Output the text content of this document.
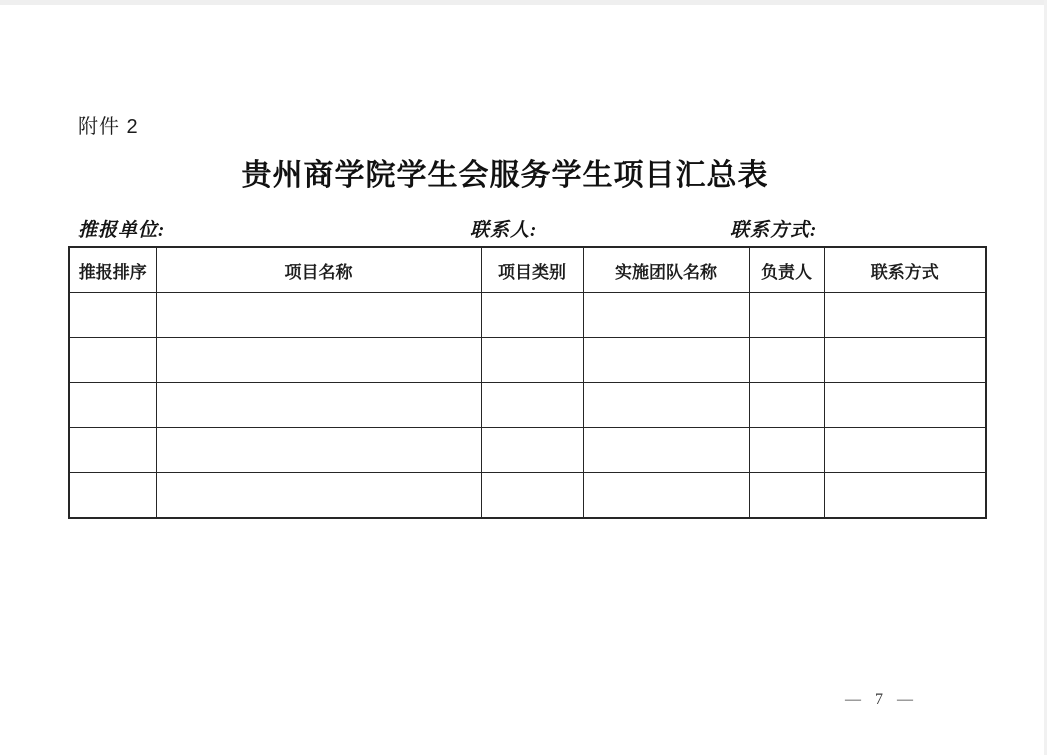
附件 2
贵州商学院学生会服务学生项目汇总表
推报单位:	联系人:	联系方式:
推报排序	项目名称	项目类别	实施团队名称	负责人	联系方式

— 7 —
